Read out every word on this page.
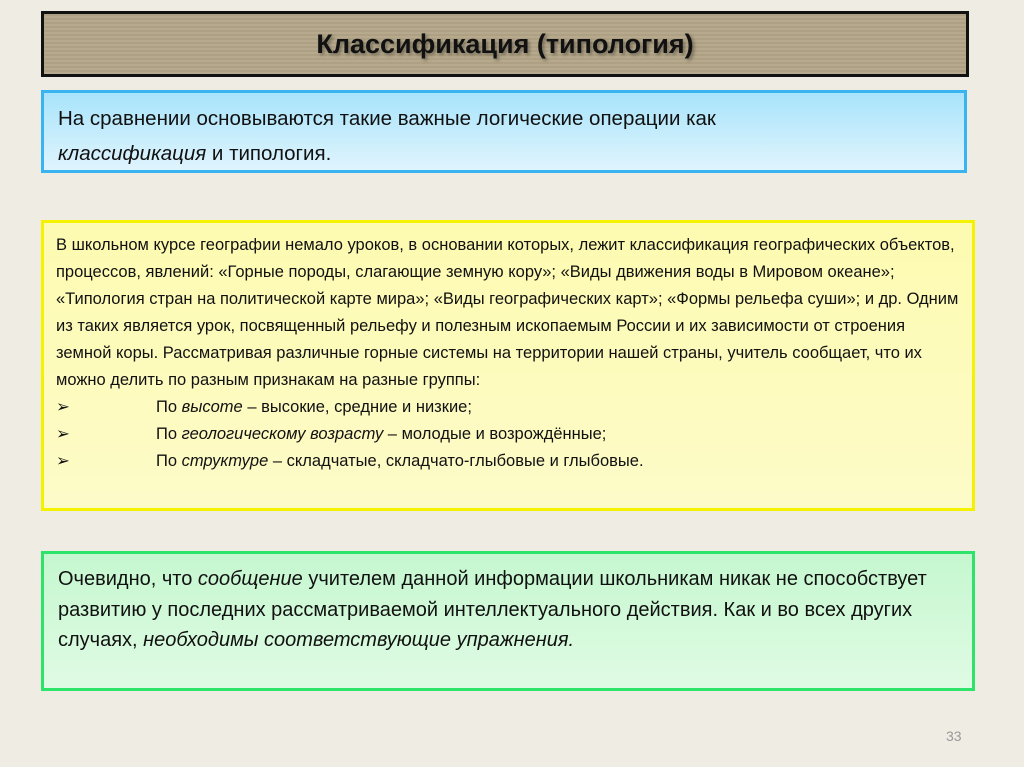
Классификация (типология)
На сравнении основываются такие важные логические операции как
классификация и типология.
В школьном курсе географии немало уроков, в основании которых, лежит классификация географических объектов, процессов, явлений: «Горные породы, слагающие земную кору»; «Виды движения воды в Мировом океане»; «Типология стран на политической карте мира»; «Виды географических карт»; «Формы рельефа суши»; и др. Одним из таких является урок, посвященный рельефу и полезным ископаемым России и их зависимости от строения земной коры. Рассматривая различные горные системы на территории нашей страны, учитель сообщает, что их можно делить по разным признакам на разные группы:
➢	По высоте – высокие, средние и низкие;
➢	По геологическому возрасту – молодые и возрождённые;
➢	По структуре – складчатые, складчато-глыбовые и глыбовые.
Очевидно, что сообщение учителем данной информации школьникам никак не способствует развитию у последних рассматриваемой интеллектуального действия. Как и во всех других случаях, необходимы соответствующие упражнения.
33
